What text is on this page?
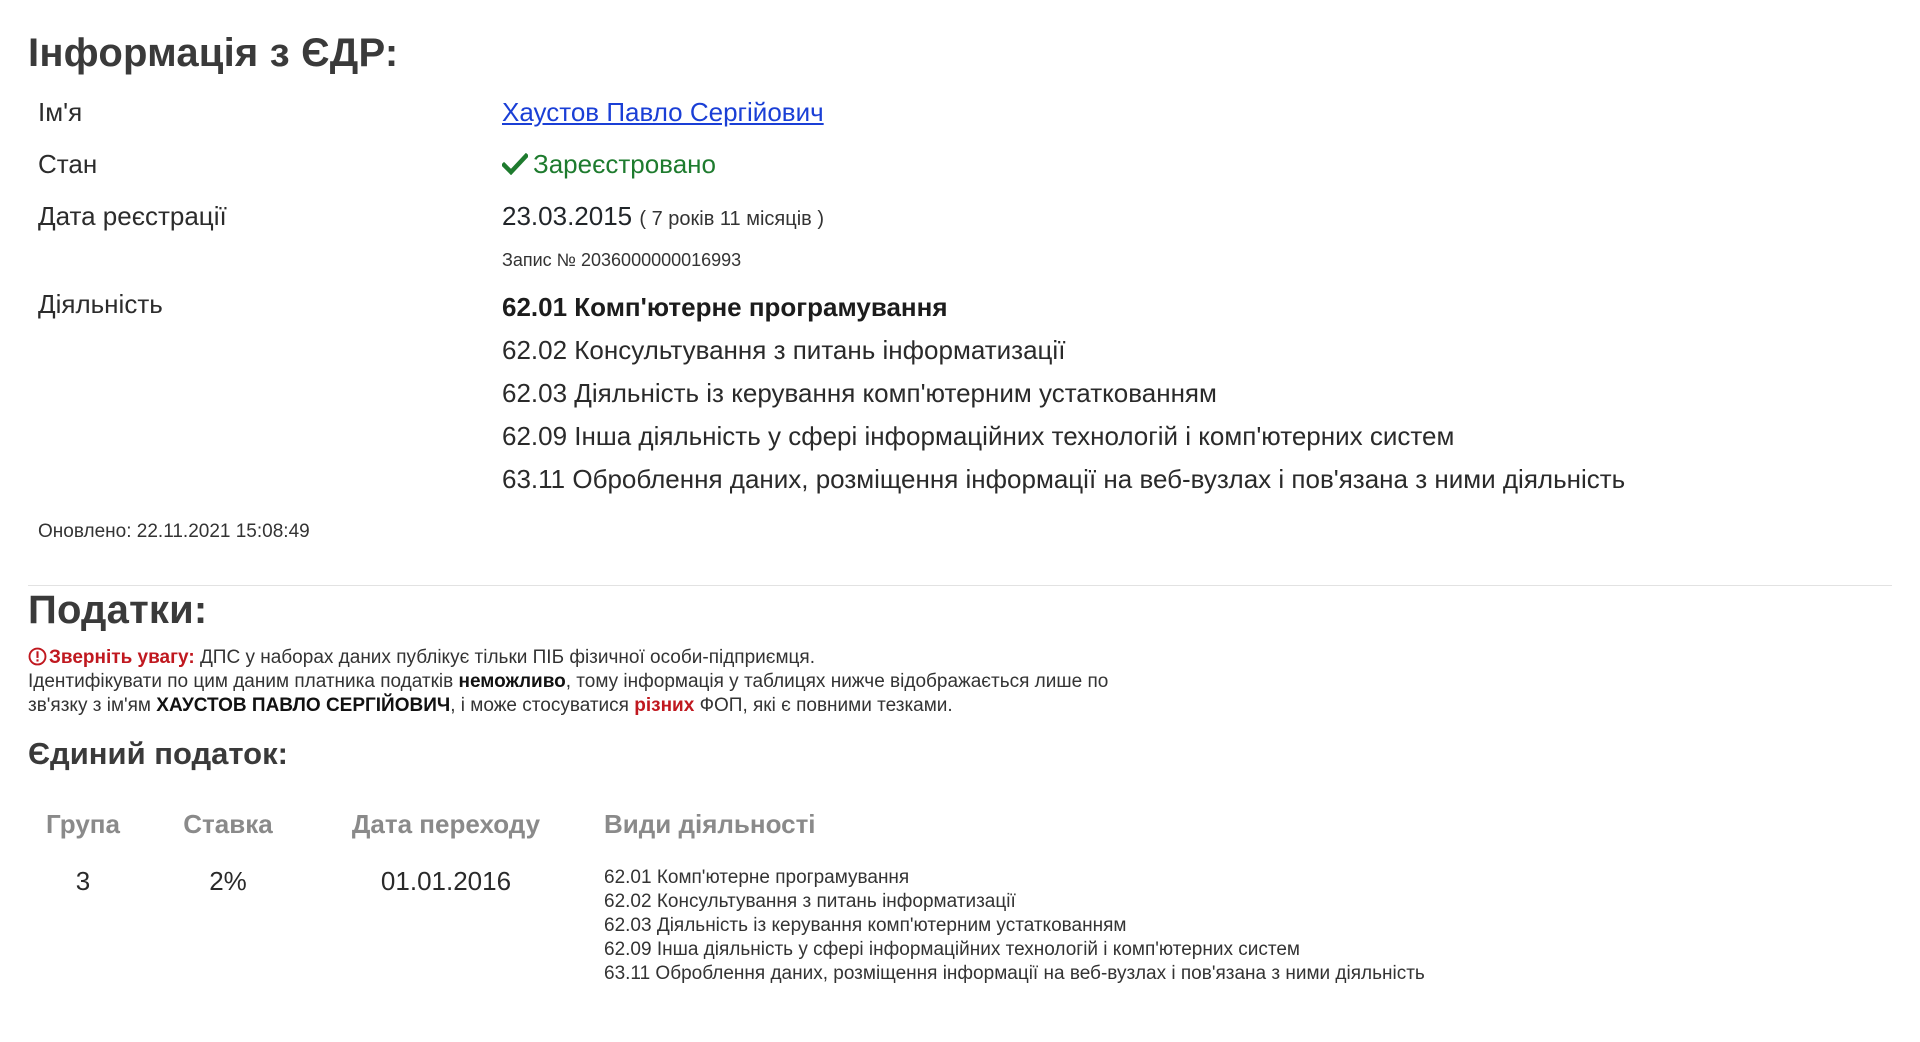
Інформація з ЄДР:
Ім'я	Хаустов Павло Сергійович
Стан	Зареєстровано
Дата реєстрації	23.03.2015 ( 7 років 11 місяців )
Запис № 2036000000016993
Діяльність	62.01 Комп'ютерне програмування
62.02 Консультування з питань інформатизації
62.03 Діяльність із керування комп'ютерним устаткованням
62.09 Інша діяльність у сфері інформаційних технологій і комп'ютерних систем
63.11 Оброблення даних, розміщення інформації на веб-вузлах і пов'язана з ними діяльність
Оновлено: 22.11.2021 15:08:49
Податки:
Зверніть увагу: ДПС у наборах даних публікує тільки ПІБ фізичної особи-підприємця.
Ідентифікувати по цим даним платника податків неможливо, тому інформація у таблицях нижче відображається лише по
зв'язку з ім'ям ХАУСТОВ ПАВЛО СЕРГІЙОВИЧ, і може стосуватися різних ФОП, які є повними тезками.
Єдиний податок:
Група	Ставка	Дата переходу	Види діяльності
3	2%	01.01.2016	62.01 Комп'ютерне програмування
62.02 Консультування з питань інформатизації
62.03 Діяльність із керування комп'ютерним устаткованням
62.09 Інша діяльність у сфері інформаційних технологій і комп'ютерних систем
63.11 Оброблення даних, розміщення інформації на веб-вузлах і пов'язана з ними діяльність
